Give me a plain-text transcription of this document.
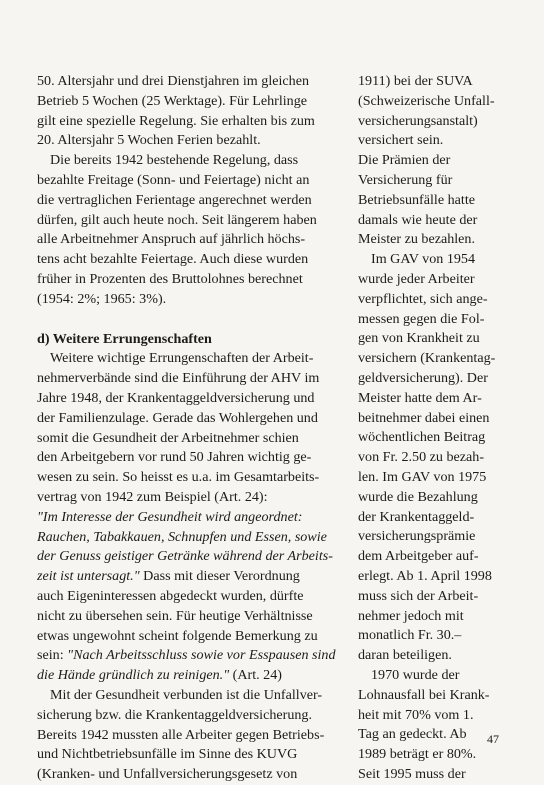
50. Altersjahr und drei Dienstjahren im gleichen
Betrieb 5 Wochen (25 Werktage). Für Lehrlinge
gilt eine spezielle Regelung. Sie erhalten bis zum
20. Altersjahr 5 Wochen Ferien bezahlt.
Die bereits 1942 bestehende Regelung, dass
bezahlte Freitage (Sonn- und Feiertage) nicht an
die vertraglichen Ferientage angerechnet werden
dürfen, gilt auch heute noch. Seit längerem haben
alle Arbeitnehmer Anspruch auf jährlich höchs-
tens acht bezahlte Feiertage. Auch diese wurden
früher in Prozenten des Bruttolohnes berechnet
(1954: 2%; 1965: 3%).
d) Weitere Errungenschaften
Weitere wichtige Errungenschaften der Arbeit-
nehmerverbände sind die Einführung der AHV im
Jahre 1948, der Krankentaggeldversicherung und
der Familienzulage. Gerade das Wohlergehen und
somit die Gesundheit der Arbeitnehmer schien
den Arbeitgebern vor rund 50 Jahren wichtig ge-
wesen zu sein. So heisst es u.a. im Gesamtarbeits-
vertrag von 1942 zum Beispiel (Art. 24):
"Im Interesse der Gesundheit wird angeordnet:
Rauchen, Tabakkauen, Schnupfen und Essen, sowie
der Genuss geistiger Getränke während der Arbeits-
zeit ist untersagt." Dass mit dieser Verordnung
auch Eigeninteressen abgedeckt wurden, dürfte
nicht zu übersehen sein. Für heutige Verhältnisse
etwas ungewohnt scheint folgende Bemerkung zu
sein: "Nach Arbeitsschluss sowie vor Esspausen sind
die Hände gründlich zu reinigen." (Art. 24)
Mit der Gesundheit verbunden ist die Unfallver-
sicherung bzw. die Krankentaggeldversicherung.
Bereits 1942 mussten alle Arbeiter gegen Betriebs-
und Nichtbetriebsunfälle im Sinne des KUVG
(Kranken- und Unfallversicherungsgesetz von
1911) bei der SUVA
(Schweizerische Unfall-
versicherungsanstalt)
versichert sein.
Die Prämien der
Versicherung für
Betriebsunfälle hatte
damals wie heute der
Meister zu bezahlen.
Im GAV von 1954
wurde jeder Arbeiter
verpflichtet, sich ange-
messen gegen die Fol-
gen von Krankheit zu
versichern (Krankentag-
geldversicherung). Der
Meister hatte dem Ar-
beitnehmer dabei einen
wöchentlichen Beitrag
von Fr. 2.50 zu bezah-
len. Im GAV von 1975
wurde die Bezahlung
der Krankentaggeld-
versicherungsprämie
dem Arbeitgeber auf-
erlegt. Ab 1. April 1998
muss sich der Arbeit-
nehmer jedoch mit
monatlich Fr. 30.–
daran beteiligen.
1970 wurde der
Lohnausfall bei Krank-
heit mit 70% vom 1.
Tag an gedeckt. Ab
1989 beträgt er 80%.
Seit 1995 muss der
47
